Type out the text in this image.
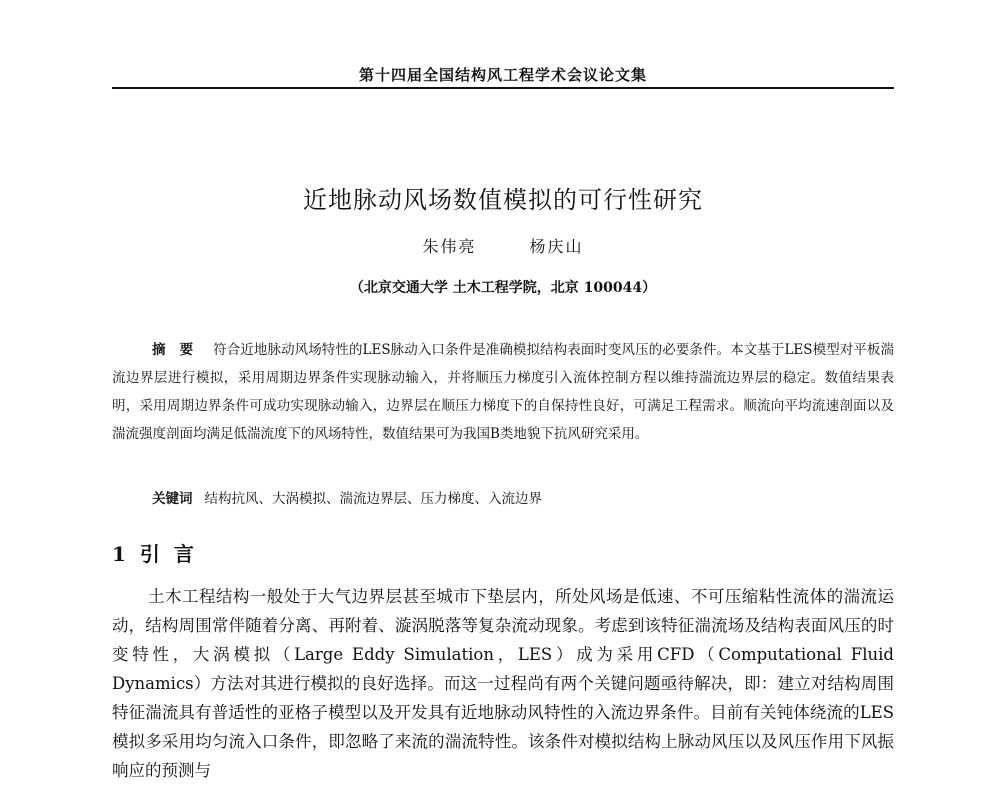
第十四届全国结构风工程学术会议论文集
近地脉动风场数值模拟的可行性研究
朱伟亮	杨庆山
（北京交通大学 土木工程学院，北京 100044）
摘要 符合近地脉动风场特性的LES脉动入口条件是准确模拟结构表面时变风压的必要条件。本文基于LES模型对平板湍流边界层进行模拟，采用周期边界条件实现脉动输入，并将顺压力梯度引入流体控制方程以维持湍流边界层的稳定。数值结果表明，采用周期边界条件可成功实现脉动输入，边界层在顺压力梯度下的自保持性良好，可满足工程需求。顺流向平均流速剖面以及湍流强度剖面均满足低湍流度下的风场特性，数值结果可为我国B类地貌下抗风研究采用。
关键词 结构抗风、大涡模拟、湍流边界层、压力梯度、入流边界
1 引言
土木工程结构一般处于大气边界层甚至城市下垫层内，所处风场是低速、不可压缩粘性流体的湍流运动，结构周围常伴随着分离、再附着、漩涡脱落等复杂流动现象。考虑到该特征湍流场及结构表面风压的时变特性，大涡模拟（Large Eddy Simulation，LES）成为采用CFD（Computational Fluid Dynamics）方法对其进行模拟的良好选择。而这一过程尚有两个关键问题亟待解决，即：建立对结构周围特征湍流具有普适性的亚格子模型以及开发具有近地脉动风特性的入流边界条件。目前有关钝体绕流的LES模拟多采用均匀流入口条件，即忽略了来流的湍流特性。该条件对模拟结构上脉动风压以及风压作用下风振响应的预测与
